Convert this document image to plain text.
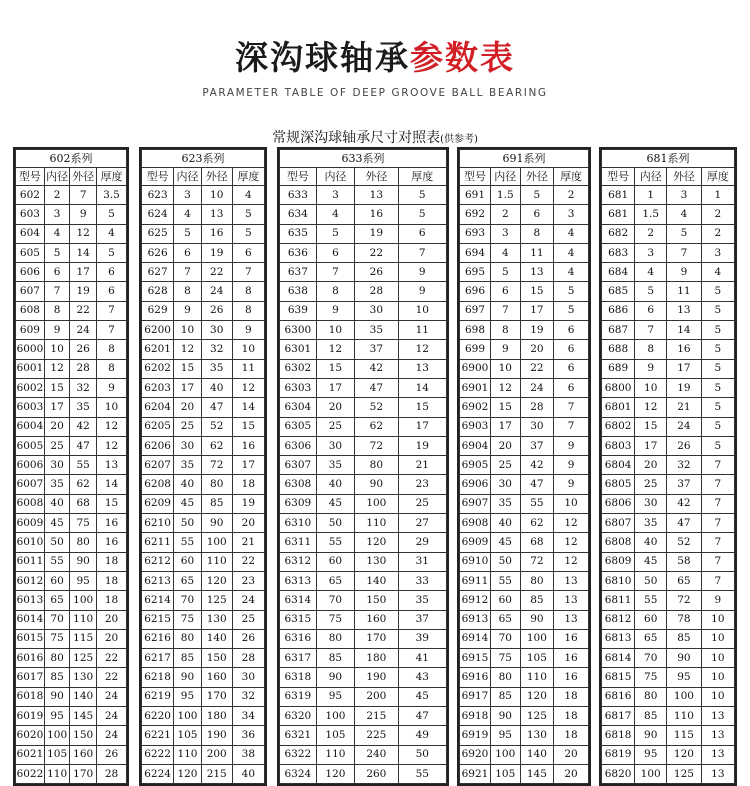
深沟球轴承参数表
PARAMETER TABLE OF DEEP GROOVE BALL BEARING
常规深沟球轴承尺寸对照表(供参考)
602系列			
型号	内径	外径	厚度
602	2	7	3.5
603	3	9	5
604	4	12	4
605	5	14	5
606	6	17	6
607	7	19	6
608	8	22	7
609	9	24	7
6000	10	26	8
6001	12	28	8
6002	15	32	9
6003	17	35	10
6004	20	42	12
6005	25	47	12
6006	30	55	13
6007	35	62	14
6008	40	68	15
6009	45	75	16
6010	50	80	16
6011	55	90	18
6012	60	95	18
6013	65	100	18
6014	70	110	20
6015	75	115	20
6016	80	125	22
6017	85	130	22
6018	90	140	24
6019	95	145	24
6020	100	150	24
6021	105	160	26
6022	110	170	28
623系列			
型号	内径	外径	厚度
623	3	10	4
624	4	13	5
625	5	16	5
626	6	19	6
627	7	22	7
628	8	24	8
629	9	26	8
6200	10	30	9
6201	12	32	10
6202	15	35	11
6203	17	40	12
6204	20	47	14
6205	25	52	15
6206	30	62	16
6207	35	72	17
6208	40	80	18
6209	45	85	19
6210	50	90	20
6211	55	100	21
6212	60	110	22
6213	65	120	23
6214	70	125	24
6215	75	130	25
6216	80	140	26
6217	85	150	28
6218	90	160	30
6219	95	170	32
6220	100	180	34
6221	105	190	36
6222	110	200	38
6224	120	215	40
633系列			
型号	内径	外径	厚度
633	3	13	5
634	4	16	5
635	5	19	6
636	6	22	7
637	7	26	9
638	8	28	9
639	9	30	10
6300	10	35	11
6301	12	37	12
6302	15	42	13
6303	17	47	14
6304	20	52	15
6305	25	62	17
6306	30	72	19
6307	35	80	21
6308	40	90	23
6309	45	100	25
6310	50	110	27
6311	55	120	29
6312	60	130	31
6313	65	140	33
6314	70	150	35
6315	75	160	37
6316	80	170	39
6317	85	180	41
6318	90	190	43
6319	95	200	45
6320	100	215	47
6321	105	225	49
6322	110	240	50
6324	120	260	55
691系列			
型号	内径	外径	厚度
691	1.5	5	2
692	2	6	3
693	3	8	4
694	4	11	4
695	5	13	4
696	6	15	5
697	7	17	5
698	8	19	6
699	9	20	6
6900	10	22	6
6901	12	24	6
6902	15	28	7
6903	17	30	7
6904	20	37	9
6905	25	42	9
6906	30	47	9
6907	35	55	10
6908	40	62	12
6909	45	68	12
6910	50	72	12
6911	55	80	13
6912	60	85	13
6913	65	90	13
6914	70	100	16
6915	75	105	16
6916	80	110	16
6917	85	120	18
6918	90	125	18
6919	95	130	18
6920	100	140	20
6921	105	145	20
681系列			
型号	内径	外径	厚度
681	1	3	1
681	1.5	4	2
682	2	5	2
683	3	7	3
684	4	9	4
685	5	11	5
686	6	13	5
687	7	14	5
688	8	16	5
689	9	17	5
6800	10	19	5
6801	12	21	5
6802	15	24	5
6803	17	26	5
6804	20	32	7
6805	25	37	7
6806	30	42	7
6807	35	47	7
6808	40	52	7
6809	45	58	7
6810	50	65	7
6811	55	72	9
6812	60	78	10
6813	65	85	10
6814	70	90	10
6815	75	95	10
6816	80	100	10
6817	85	110	13
6818	90	115	13
6819	95	120	13
6820	100	125	13
